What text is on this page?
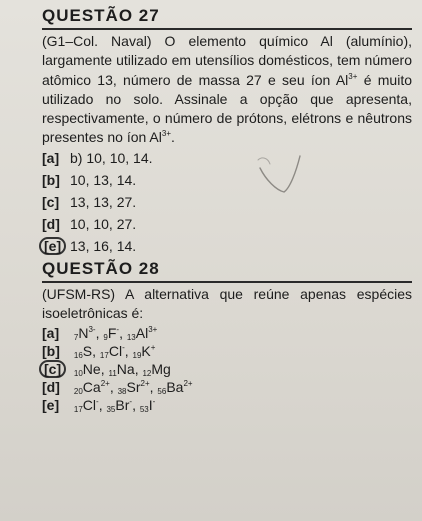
QUESTÃO 27
(G1–Col. Naval) O elemento químico Al (alumínio), largamente utilizado em utensílios domésticos, tem número atômico 13, número de massa 27 e seu íon $Al^{3+}$ é muito utilizado no solo. Assinale a opção que apresenta, respectivamente, o número de prótons, elétrons e nêutrons presentes no íon $Al^{3+}$.
[a] b) 10, 10, 14.
[b] 10, 13, 14.
[c] 13, 13, 27.
[d] 10, 10, 27.
[e] 13, 16, 14.
QUESTÃO 28
(UFSM-RS) A alternativa que reúne apenas espécies isoeletrônicas é:
[a] $_7N^{3-}$, $_9$F-, $_{13}Al^{3+}$
[b] $_{16}$S, $_{17}$Cl-, $_{19}$K+
[c] $_{10}$Ne, $_{11}$Na, $_{12}$Mg
[d] $_{20}Ca^{2+}$, $_{38}Sr^{2+}$, $_{56}Ba^{2+}$
[e] $_{17}$Cl-, $_{35}$Br-, $_{53}$I-
